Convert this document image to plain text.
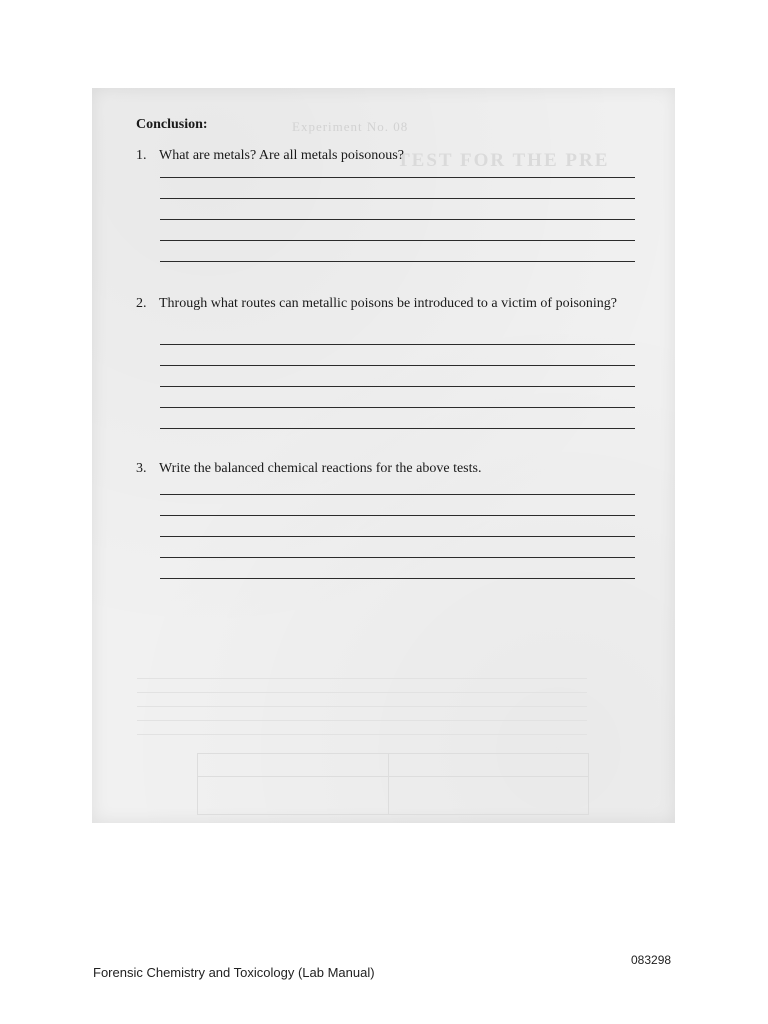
Experiment No. 08
TEST FOR THE PRE
Conclusion:
1. What are metals? Are all metals poisonous?
2. Through what routes can metallic poisons be introduced to a victim of poisoning?
3. Write the balanced chemical reactions for the above tests.
083298
Forensic Chemistry and Toxicology (Lab Manual)
